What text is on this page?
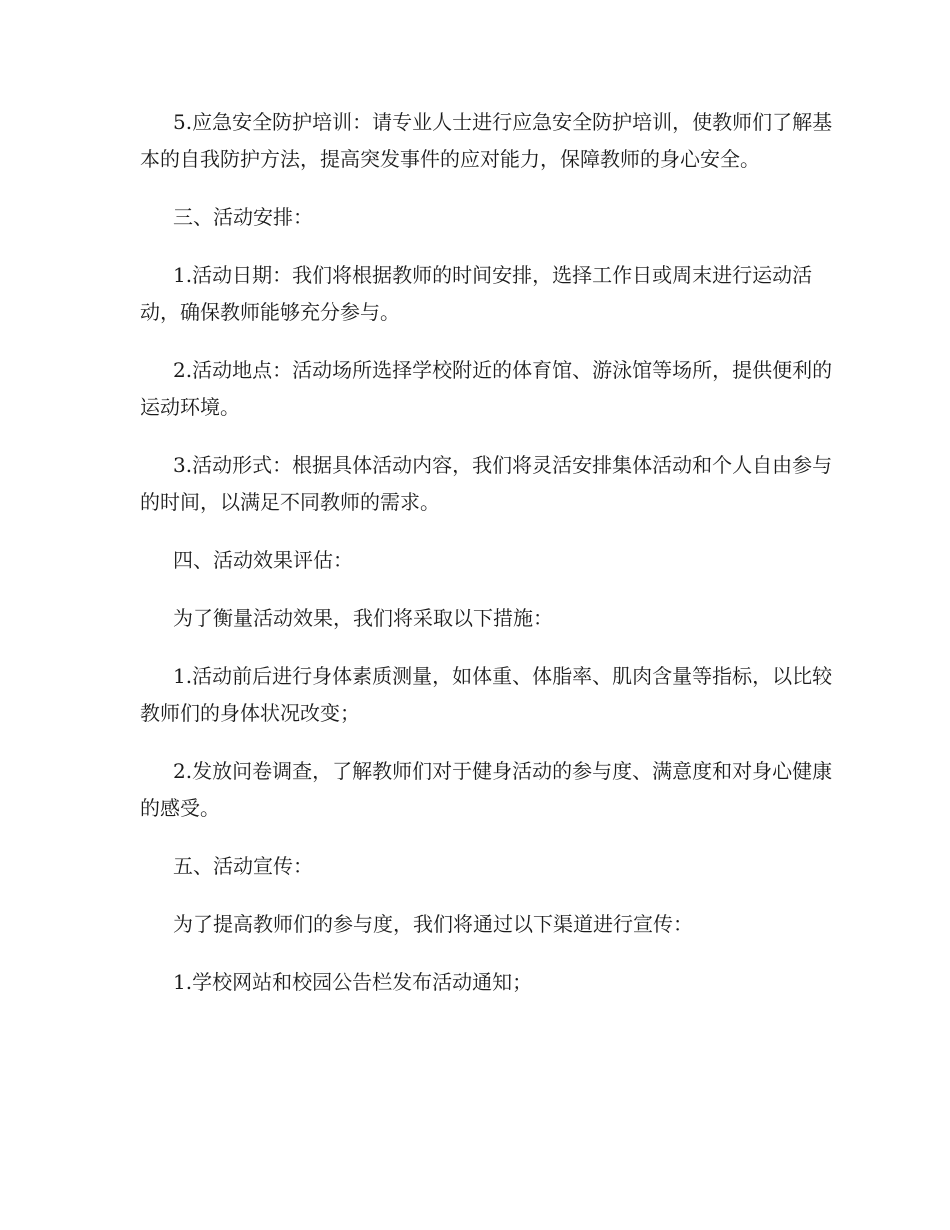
5.应急安全防护培训：请专业人士进行应急安全防护培训，使教师们了解基本的自我防护方法，提高突发事件的应对能力，保障教师的身心安全。

三、活动安排：

1.活动日期：我们将根据教师的时间安排，选择工作日或周末进行运动活动，确保教师能够充分参与。

2.活动地点：活动场所选择学校附近的体育馆、游泳馆等场所，提供便利的运动环境。

3.活动形式：根据具体活动内容，我们将灵活安排集体活动和个人自由参与的时间，以满足不同教师的需求。

四、活动效果评估：

为了衡量活动效果，我们将采取以下措施：

1.活动前后进行身体素质测量，如体重、体脂率、肌肉含量等指标，以比较教师们的身体状况改变；

2.发放问卷调查，了解教师们对于健身活动的参与度、满意度和对身心健康的感受。

五、活动宣传：

为了提高教师们的参与度，我们将通过以下渠道进行宣传：

1.学校网站和校园公告栏发布活动通知；
